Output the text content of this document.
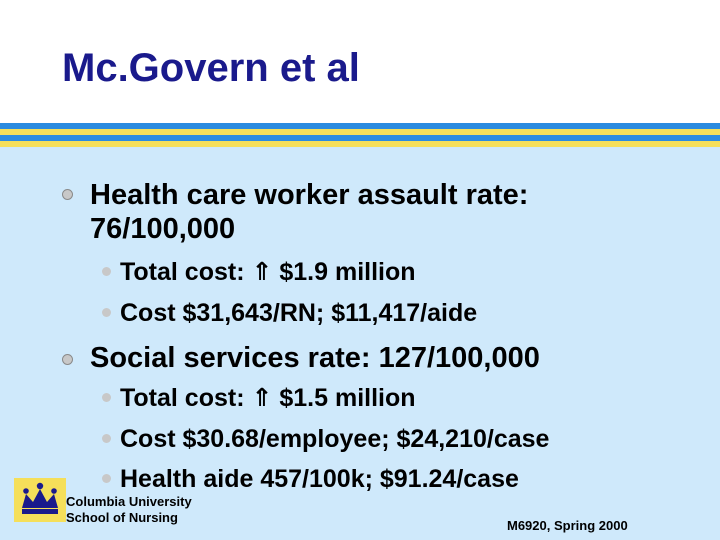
Mc.Govern et al
Health care worker assault rate:
76/100,000
Total cost: ⇑ $1.9 million
Cost $31,643/RN; $11,417/aide
Social services rate: 127/100,000
Total cost: ⇑ $1.5 million
Cost $30.68/employee; $24,210/case
Health aide 457/100k; $91.24/case
Columbia University
School of Nursing
M6920, Spring 2000
